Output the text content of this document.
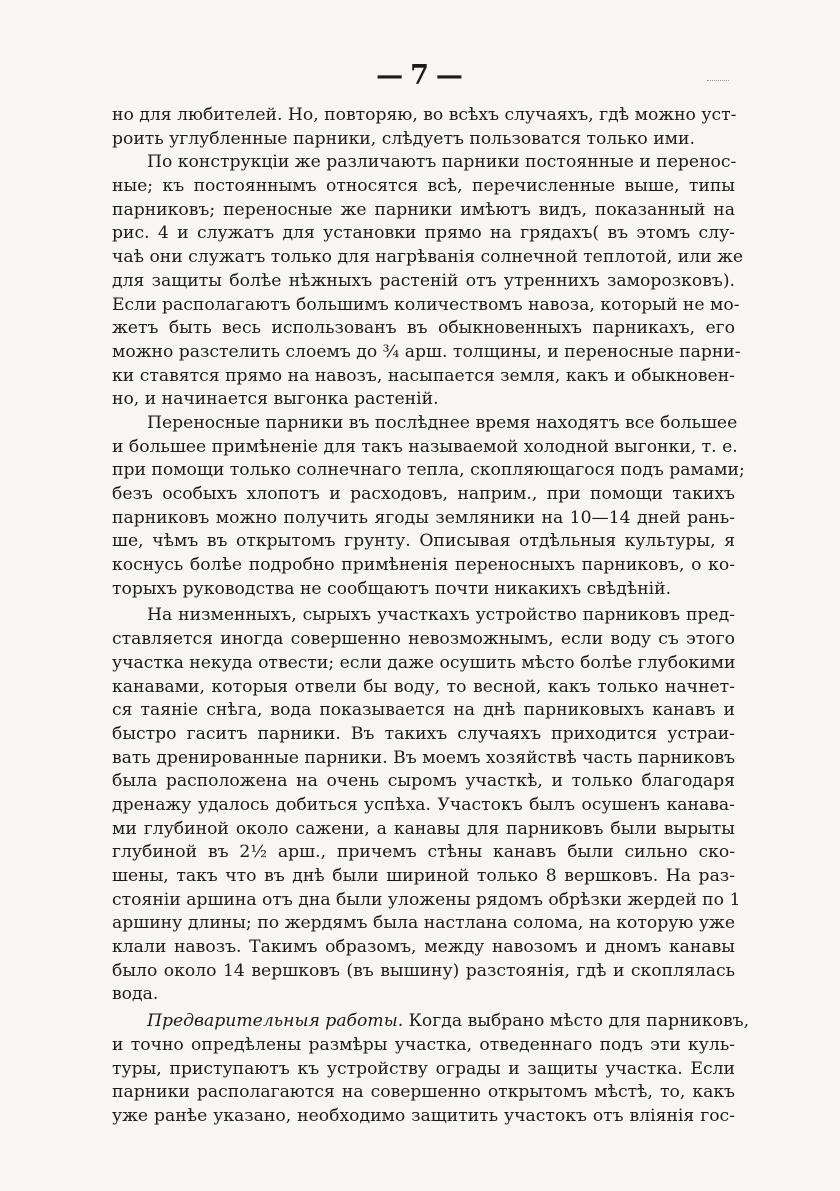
— 7 —
но для любителей. Но, повторяю, во всѣхъ случаяхъ, гдѣ можно уст-
роить углубленные парники, слѣдуетъ пользоватся только ими.
По конструкціи же различаютъ парники постоянные и перенос-
ные; къ постояннымъ относятся всѣ, перечисленные выше, типы
парниковъ; переносные же парники имѣютъ видъ, показанный на
рис. 4 и служатъ для установки прямо на грядахъ( въ этомъ слу-
чаѣ они служатъ только для нагрѣванія солнечной теплотой, или же
для защиты болѣе нѣжныхъ растеній отъ утреннихъ заморозковъ).
Если располагаютъ большимъ количествомъ навоза, который не мо-
жетъ быть весь использованъ въ обыкновенныхъ парникахъ, его
можно разстелить слоемъ до ¾ арш. толщины, и переносные парни-
ки ставятся прямо на навозъ, насыпается земля, какъ и обыкновен-
но, и начинается выгонка растеній.
Переносные парники въ послѣднее время находятъ все большее
и большее примѣненіе для такъ называемой холодной выгонки, т. е.
при помощи только солнечнаго тепла, скопляющагося подъ рамами;
безъ особыхъ хлопотъ и расходовъ, наприм., при помощи такихъ
парниковъ можно получить ягоды земляники на 10—14 дней рань-
ше, чѣмъ въ открытомъ грунту. Описывая отдѣльныя культуры, я
коснусь болѣе подробно примѣненія переносныхъ парниковъ, о ко-
торыхъ руководства не сообщаютъ почти никакихъ свѣдѣній.
На низменныхъ, сырыхъ участкахъ устройство парниковъ пред-
ставляется иногда совершенно невозможнымъ, если воду съ этого
участка некуда отвести; если даже осушить мѣсто болѣе глубокими
канавами, которыя отвели бы воду, то весной, какъ только начнет-
ся таяніе снѣга, вода показывается на днѣ парниковыхъ канавъ и
быстро гаситъ парники. Въ такихъ случаяхъ приходится устраи-
вать дренированные парники. Въ моемъ хозяйствѣ часть парниковъ
была расположена на очень сыромъ участкѣ, и только благодаря
дренажу удалось добиться успѣха. Участокъ былъ осушенъ канава-
ми глубиной около сажени, а канавы для парниковъ были вырыты
глубиной въ 2½ арш., причемъ стѣны канавъ были сильно ско-
шены, такъ что въ днѣ были шириной только 8 вершковъ. На раз-
стояніи аршина отъ дна были уложены рядомъ обрѣзки жердей по 1
аршину длины; по жердямъ была настлана солома, на которую уже
клали навозъ. Такимъ образомъ, между навозомъ и дномъ канавы
было около 14 вершковъ (въ вышину) разстоянія, гдѣ и скоплялась
вода.
Предварительныя работы. Когда выбрано мѣсто для парниковъ,
и точно опредѣлены размѣры участка, отведеннаго подъ эти куль-
туры, приступаютъ къ устройству ограды и защиты участка. Если
парники располагаются на совершенно открытомъ мѣстѣ, то, какъ
уже ранѣе указано, необходимо защитить участокъ отъ вліянія гос-
